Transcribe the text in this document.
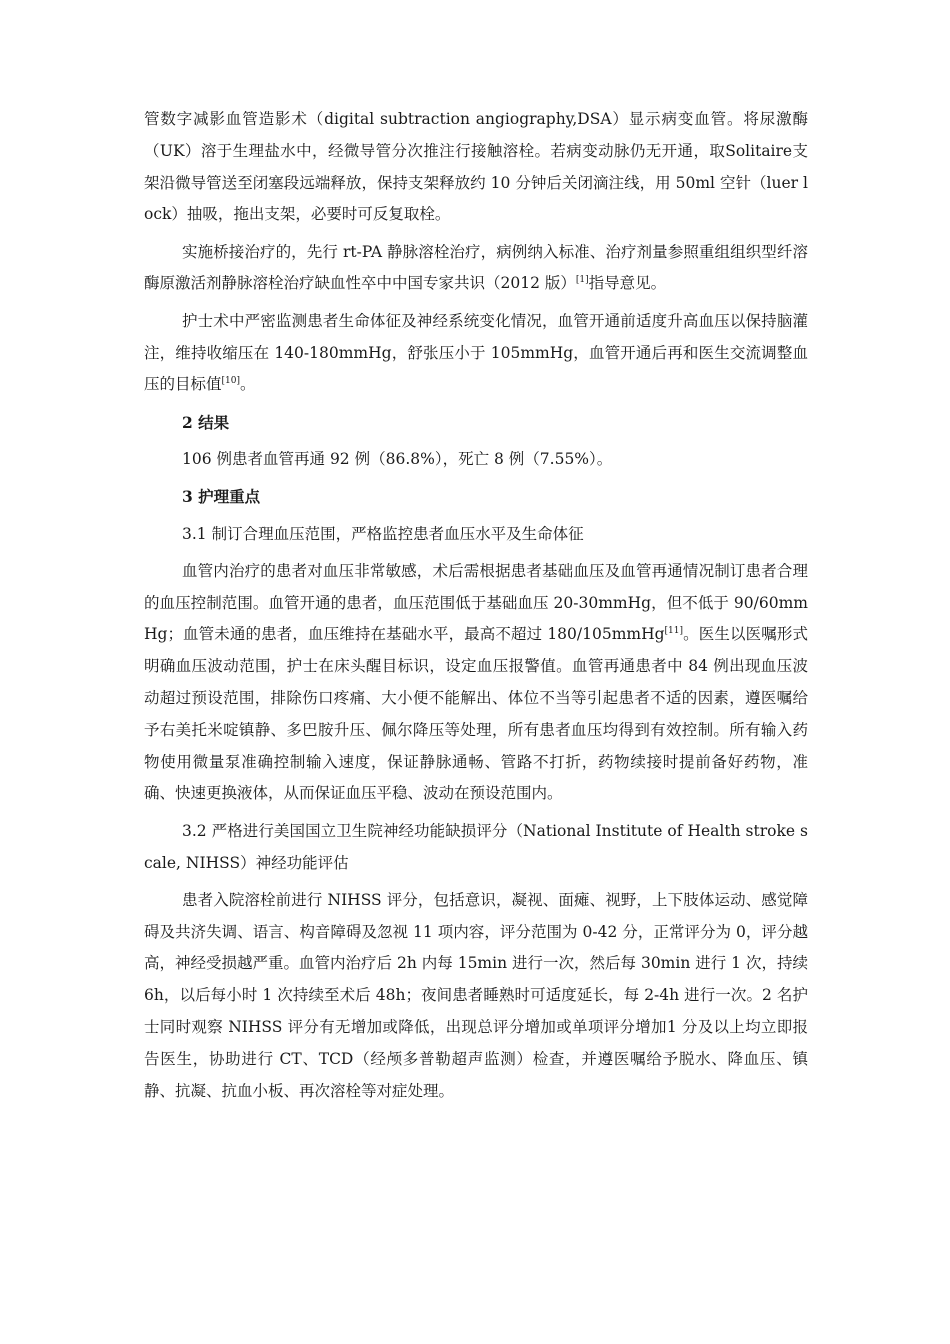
管数字减影血管造影术（digital subtraction angiography,DSA）显示病变血管。将尿激酶（UK）溶于生理盐水中，经微导管分次推注行接触溶栓。若病变动脉仍无开通，取Solitaire支架沿微导管送至闭塞段远端释放，保持支架释放约 10 分钟后关闭滴注线，用 50ml 空针（luer lock）抽吸，拖出支架，必要时可反复取栓。

实施桥接治疗的，先行 rt-PA 静脉溶栓治疗，病例纳入标准、治疗剂量参照重组组织型纤溶酶原激活剂静脉溶栓治疗缺血性卒中中国专家共识（2012 版）[1]指导意见。

护士术中严密监测患者生命体征及神经系统变化情况，血管开通前适度升高血压以保持脑灌注，维持收缩压在 140-180mmHg，舒张压小于 105mmHg，血管开通后再和医生交流调整血压的目标值[10]。

2 结果

106 例患者血管再通 92 例（86.8%），死亡 8 例（7.55%）。

3 护理重点

3.1 制订合理血压范围，严格监控患者血压水平及生命体征

血管内治疗的患者对血压非常敏感，术后需根据患者基础血压及血管再通情况制订患者合理的血压控制范围。血管开通的患者，血压范围低于基础血压 20-30mmHg，但不低于 90/60mmHg；血管未通的患者，血压维持在基础水平，最高不超过 180/105mmHg[11]。医生以医嘱形式明确血压波动范围，护士在床头醒目标识，设定血压报警值。血管再通患者中 84 例出现血压波动超过预设范围，排除伤口疼痛、大小便不能解出、体位不当等引起患者不适的因素，遵医嘱给予右美托米啶镇静、多巴胺升压、佩尔降压等处理，所有患者血压均得到有效控制。所有输入药物使用微量泵准确控制输入速度，保证静脉通畅、管路不打折，药物续接时提前备好药物，准确、快速更换液体，从而保证血压平稳、波动在预设范围内。

3.2 严格进行美国国立卫生院神经功能缺损评分（National Institute of Health stroke scale, NIHSS）神经功能评估

患者入院溶栓前进行 NIHSS 评分，包括意识，凝视、面瘫、视野，上下肢体运动、感觉障碍及共济失调、语言、构音障碍及忽视 11 项内容，评分范围为 0-42 分，正常评分为 0，评分越高，神经受损越严重。血管内治疗后 2h 内每 15min 进行一次，然后每 30min 进行 1 次，持续 6h，以后每小时 1 次持续至术后 48h；夜间患者睡熟时可适度延长，每 2-4h 进行一次。2 名护士同时观察 NIHSS 评分有无增加或降低，出现总评分增加或单项评分增加1 分及以上均立即报告医生，协助进行 CT、TCD（经颅多普勒超声监测）检查，并遵医嘱给予脱水、降血压、镇静、抗凝、抗血小板、再次溶栓等对症处理。
